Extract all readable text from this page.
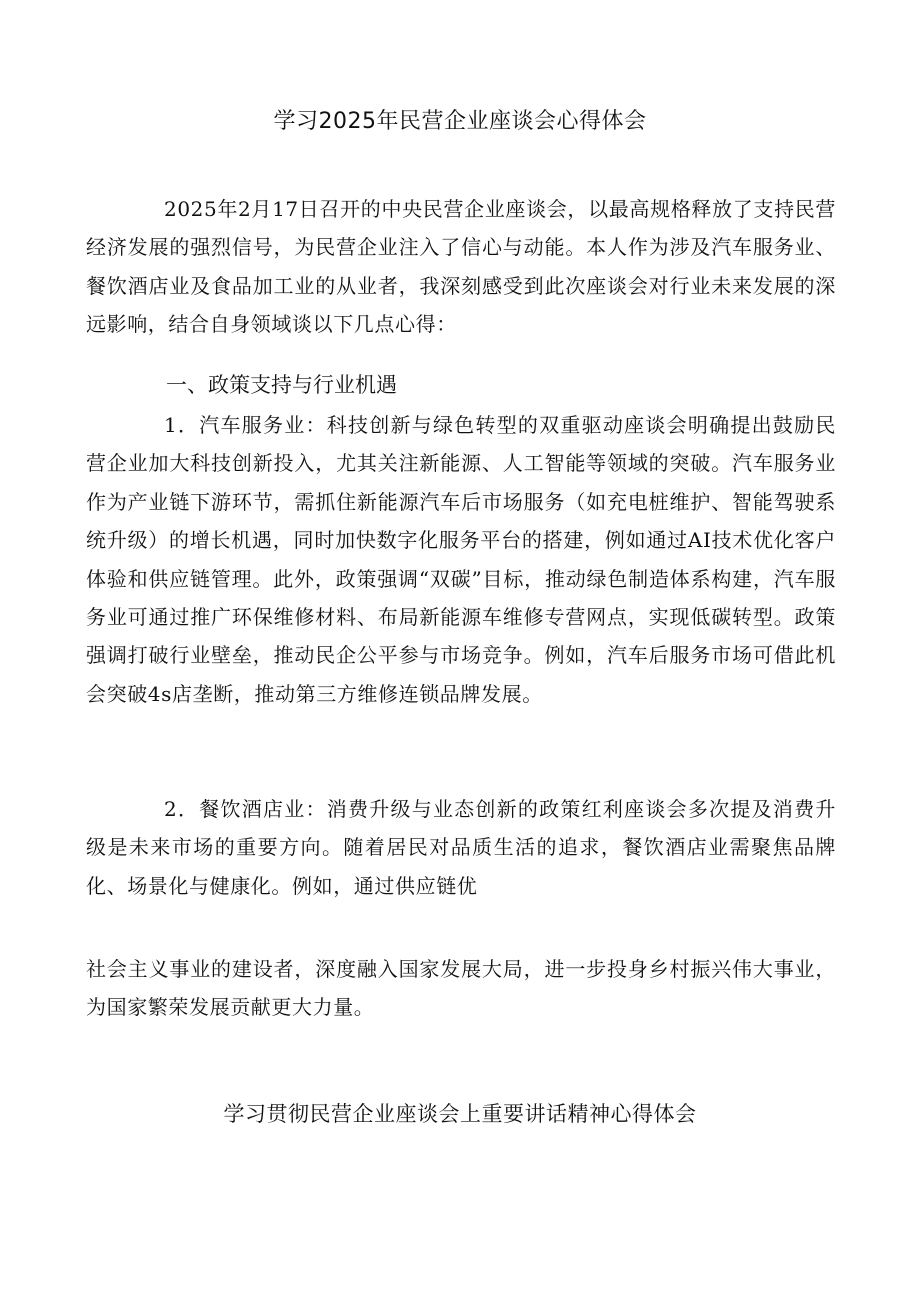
学习2025年民营企业座谈会心得体会
2025年2月17日召开的中央民营企业座谈会，以最高规格释放了支持民营经济发展的强烈信号，为民营企业注入了信心与动能。本人作为涉及汽车服务业、餐饮酒店业及食品加工业的从业者，我深刻感受到此次座谈会对行业未来发展的深远影响，结合自身领域谈以下几点心得：
一、政策支持与行业机遇
1．汽车服务业：科技创新与绿色转型的双重驱动座谈会明确提出鼓励民营企业加大科技创新投入，尤其关注新能源、人工智能等领域的突破。汽车服务业作为产业链下游环节，需抓住新能源汽车后市场服务（如充电桩维护、智能驾驶系统升级）的增长机遇，同时加快数字化服务平台的搭建，例如通过AI技术优化客户体验和供应链管理。此外，政策强调“双碳”目标，推动绿色制造体系构建，汽车服务业可通过推广环保维修材料、布局新能源车维修专营网点，实现低碳转型。政策强调打破行业壁垒，推动民企公平参与市场竞争。例如，汽车后服务市场可借此机会突破4s店垄断，推动第三方维修连锁品牌发展。
2．餐饮酒店业：消费升级与业态创新的政策红利座谈会多次提及消费升级是未来市场的重要方向。随着居民对品质生活的追求，餐饮酒店业需聚焦品牌化、场景化与健康化。例如，通过供应链优
社会主义事业的建设者，深度融入国家发展大局，进一步投身乡村振兴伟大事业，为国家繁荣发展贡献更大力量。
学习贯彻民营企业座谈会上重要讲话精神心得体会
